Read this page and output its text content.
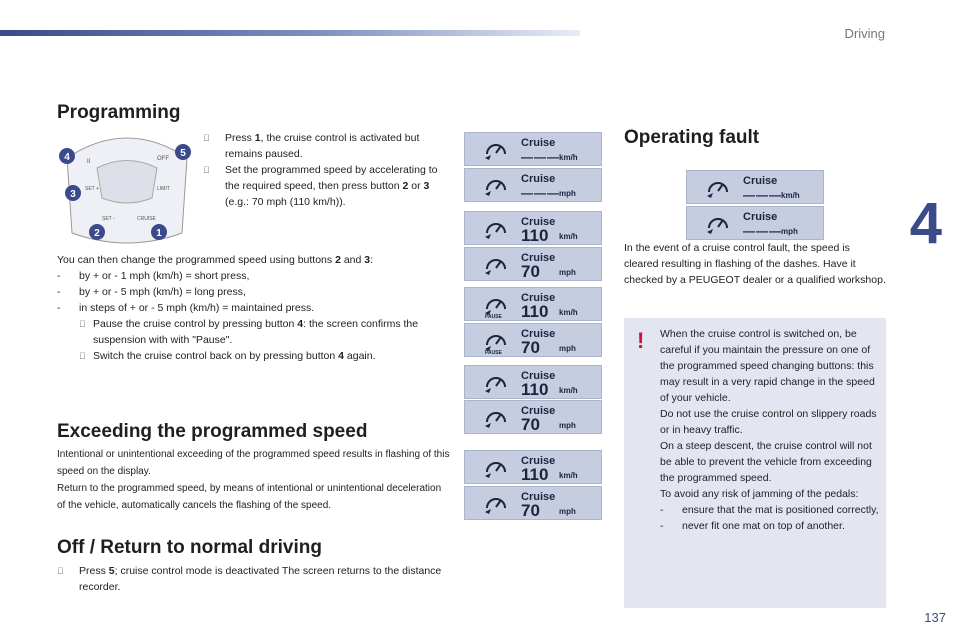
Driving
4
Programming
II	OFF
SET +
SET -	CRUISE
LIMIT
4	5
3
2	1
Press 1, the cruise control is activated but remains paused.
Set the programmed speed by accelerating to the required speed, then press button 2 or 3 (e.g.: 70 mph (110 km/h)).
You can then change the programmed speed using buttons 2 and 3:
-	by + or - 1 mph (km/h) = short press,
-	by + or - 5 mph (km/h) = long press,
-	in steps of + or - 5 mph (km/h) = maintained press.
Pause the cruise control by pressing button 4: the screen confirms the suspension with with "Pause".
Switch the cruise control back on by pressing button 4 again.
Exceeding the programmed speed
Intentional or unintentional exceeding of the programmed speed results in flashing of this speed on the display.
Return to the programmed speed, by means of intentional or unintentional deceleration of the vehicle, automatically cancels the flashing of the speed.
Off / Return to normal driving
Press 5; cruise control mode is deactivated The screen returns to the distance recorder.
Cruise
——— km/h
Cruise
——— mph
Cruise
110 km/h
Cruise
70 mph
Cruise
110 km/h
PAUSE
Cruise
70 mph
PAUSE
Cruise
110 km/h
Cruise
70 mph
Cruise
110 km/h
Cruise
70 mph
Cruise
——— km/h
Cruise
——— mph
Operating fault
In the event of a cruise control fault, the speed is cleared resulting in flashing of the dashes. Have it checked by a PEUGEOT dealer or a qualified workshop.
! When the cruise control is switched on, be careful if you maintain the pressure on one of the programmed speed changing buttons: this may result in a very rapid change in the speed of your vehicle.
Do not use the cruise control on slippery roads or in heavy traffic.
On a steep descent, the cruise control will not be able to prevent the vehicle from exceeding the programmed speed.
To avoid any risk of jamming of the pedals:
-	ensure that the mat is positioned correctly,
-	never fit one mat on top of another.
137
